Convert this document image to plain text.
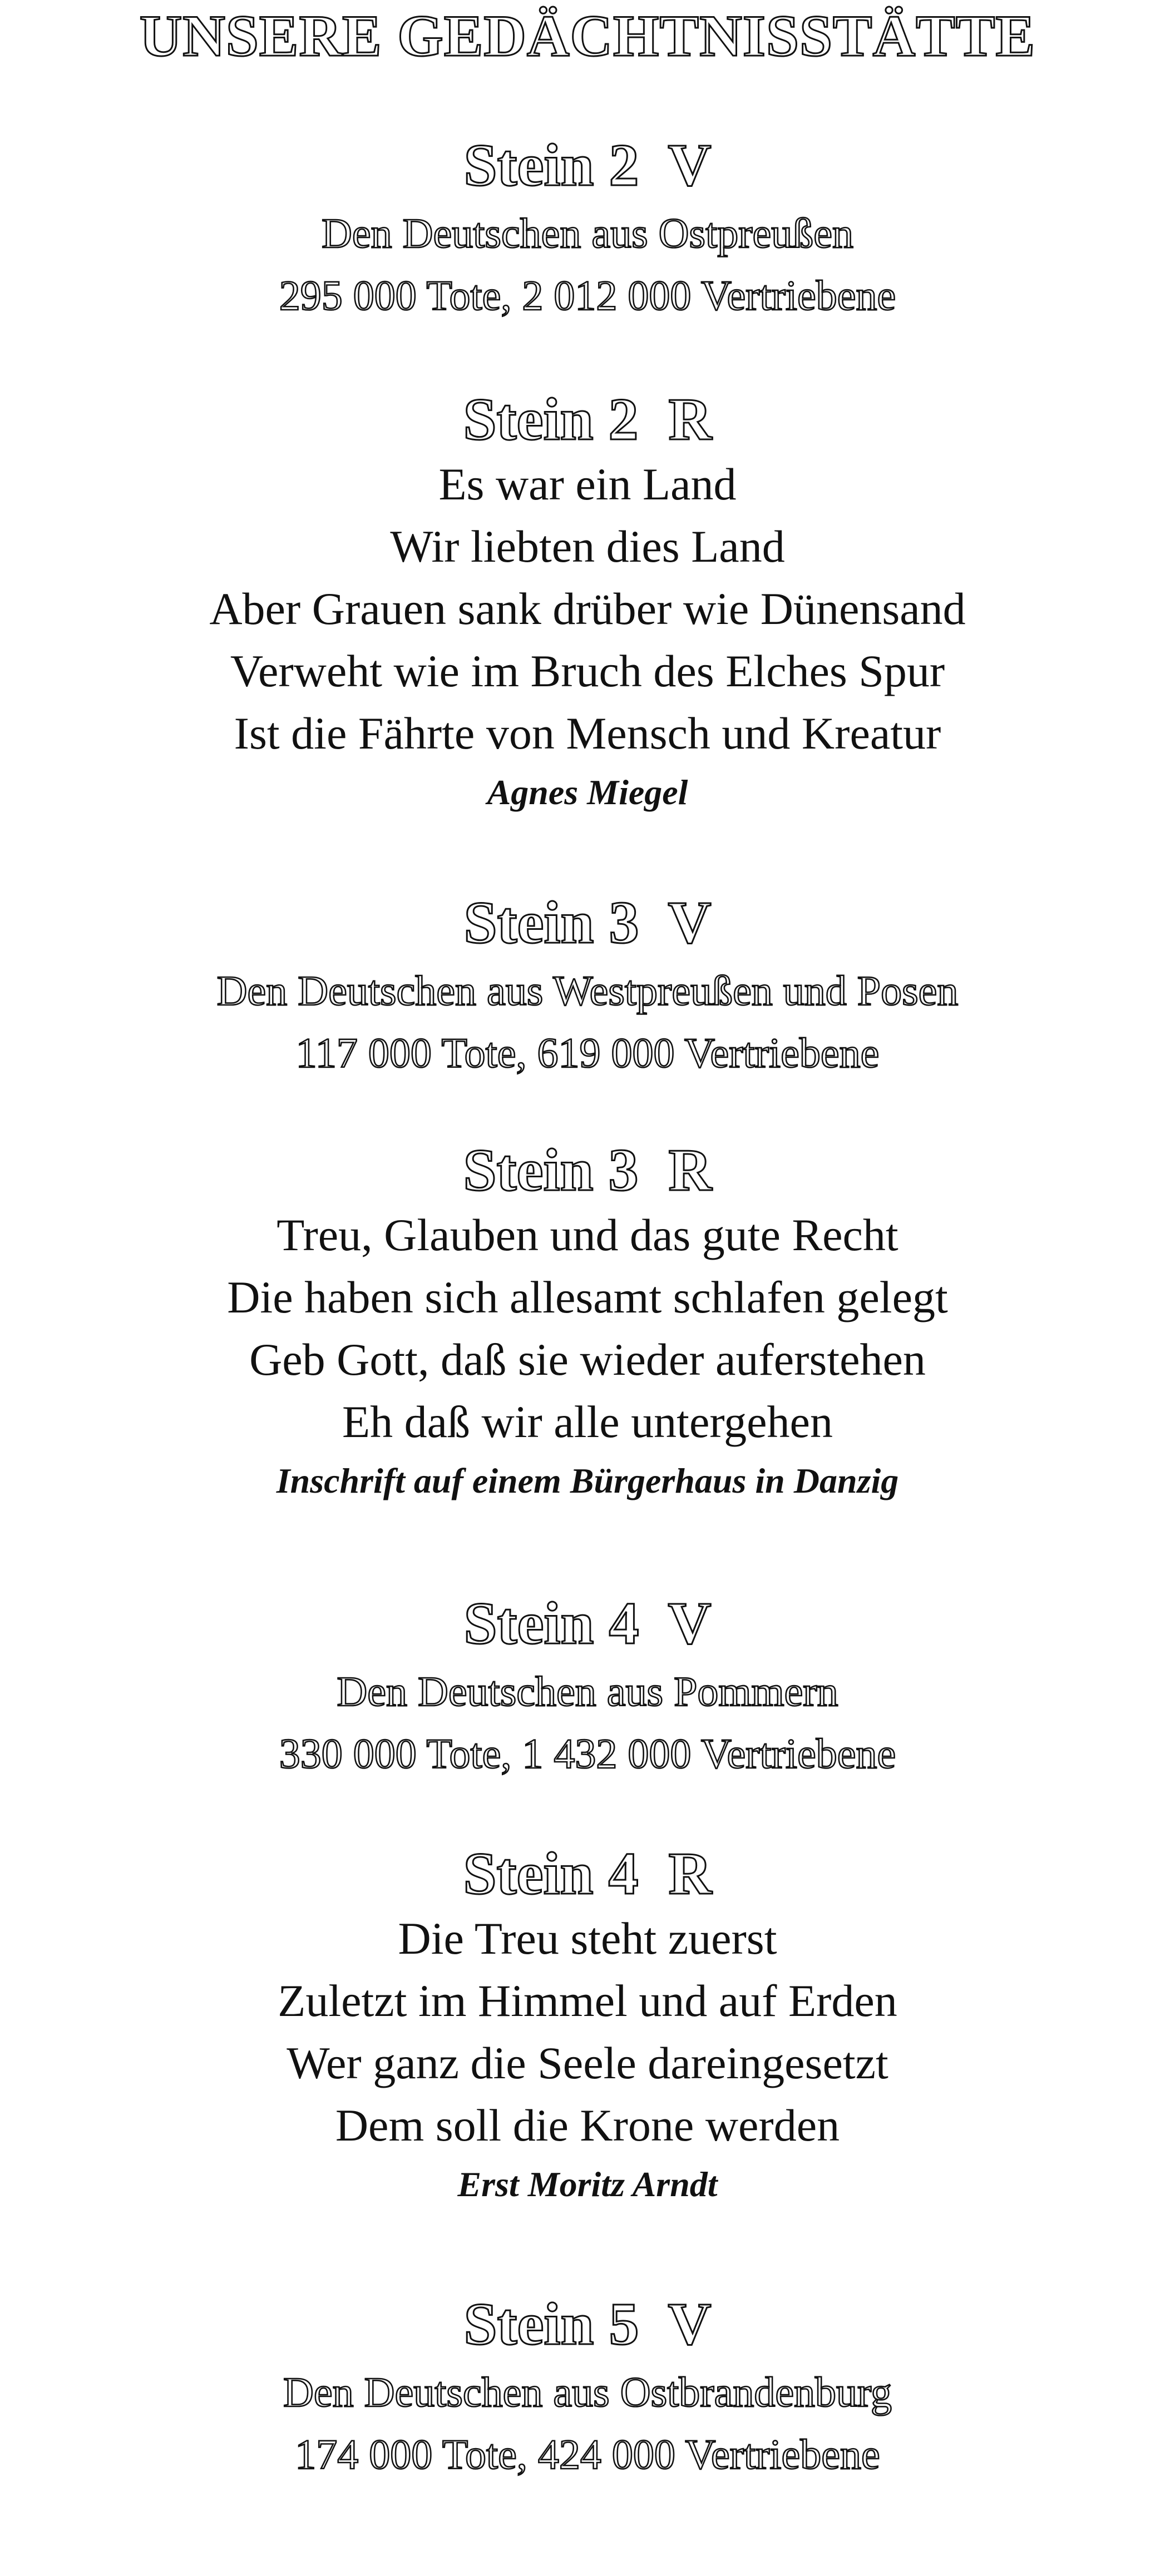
UNSERE GEDÄCHTNISSTÄTTE
Stein 2  V
Den Deutschen aus Ostpreußen
295 000 Tote, 2 012 000 Vertriebene
Stein 2  R
Es war ein Land
Wir liebten dies Land
Aber Grauen sank drüber wie Dünensand
Verweht wie im Bruch des Elches Spur
Ist die Fährte von Mensch und Kreatur
Agnes Miegel
Stein 3  V
Den Deutschen aus Westpreußen und Posen
117 000 Tote, 619 000 Vertriebene
Stein 3  R
Treu, Glauben und das gute Recht
Die haben sich allesamt schlafen gelegt
Geb Gott, daß sie wieder auferstehen
Eh daß wir alle untergehen
Inschrift auf einem Bürgerhaus in Danzig
Stein 4  V
Den Deutschen aus Pommern
330 000 Tote, 1 432 000 Vertriebene
Stein 4  R
Die Treu steht zuerst
Zuletzt im Himmel und auf Erden
Wer ganz die Seele dareingesetzt
Dem soll die Krone werden
Erst Moritz Arndt
Stein 5  V
Den Deutschen aus Ostbrandenburg
174 000 Tote, 424 000 Vertriebene
